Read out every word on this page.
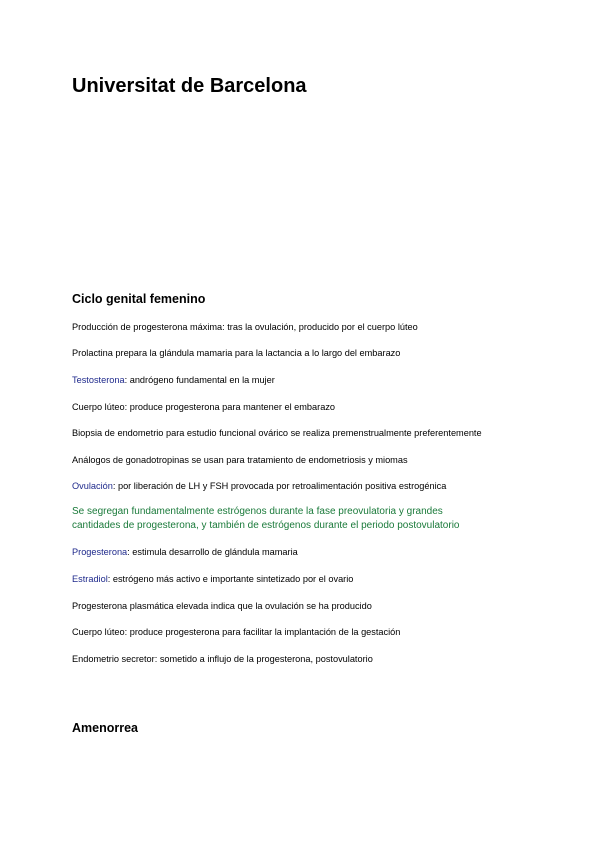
Universitat de Barcelona
Ciclo genital femenino

Producción de progesterona máxima: tras la ovulación, producido por el cuerpo lúteo

Prolactina prepara la glándula mamaria para la lactancia a lo largo del embarazo

Testosterona: andrógeno fundamental en la mujer

Cuerpo lúteo: produce progesterona para mantener el embarazo

Biopsia de endometrio para estudio funcional ovárico se realiza premenstrualmente preferentemente

Análogos de gonadotropinas se usan para tratamiento de endometriosis y miomas

Ovulación: por liberación de LH y FSH provocada por retroalimentación positiva estrogénica

Se segregan fundamentalmente estrógenos durante la fase preovulatoria y grandes
cantidades de progesterona, y también de estrógenos durante el periodo postovulatorio

Progesterona: estimula desarrollo de glándula mamaria

Estradiol: estrógeno más activo e importante sintetizado por el ovario

Progesterona plasmática elevada indica que la ovulación se ha producido

Cuerpo lúteo: produce progesterona para facilitar la implantación de la gestación

Endometrio secretor: sometido a influjo de la progesterona, postovulatorio

Amenorrea
